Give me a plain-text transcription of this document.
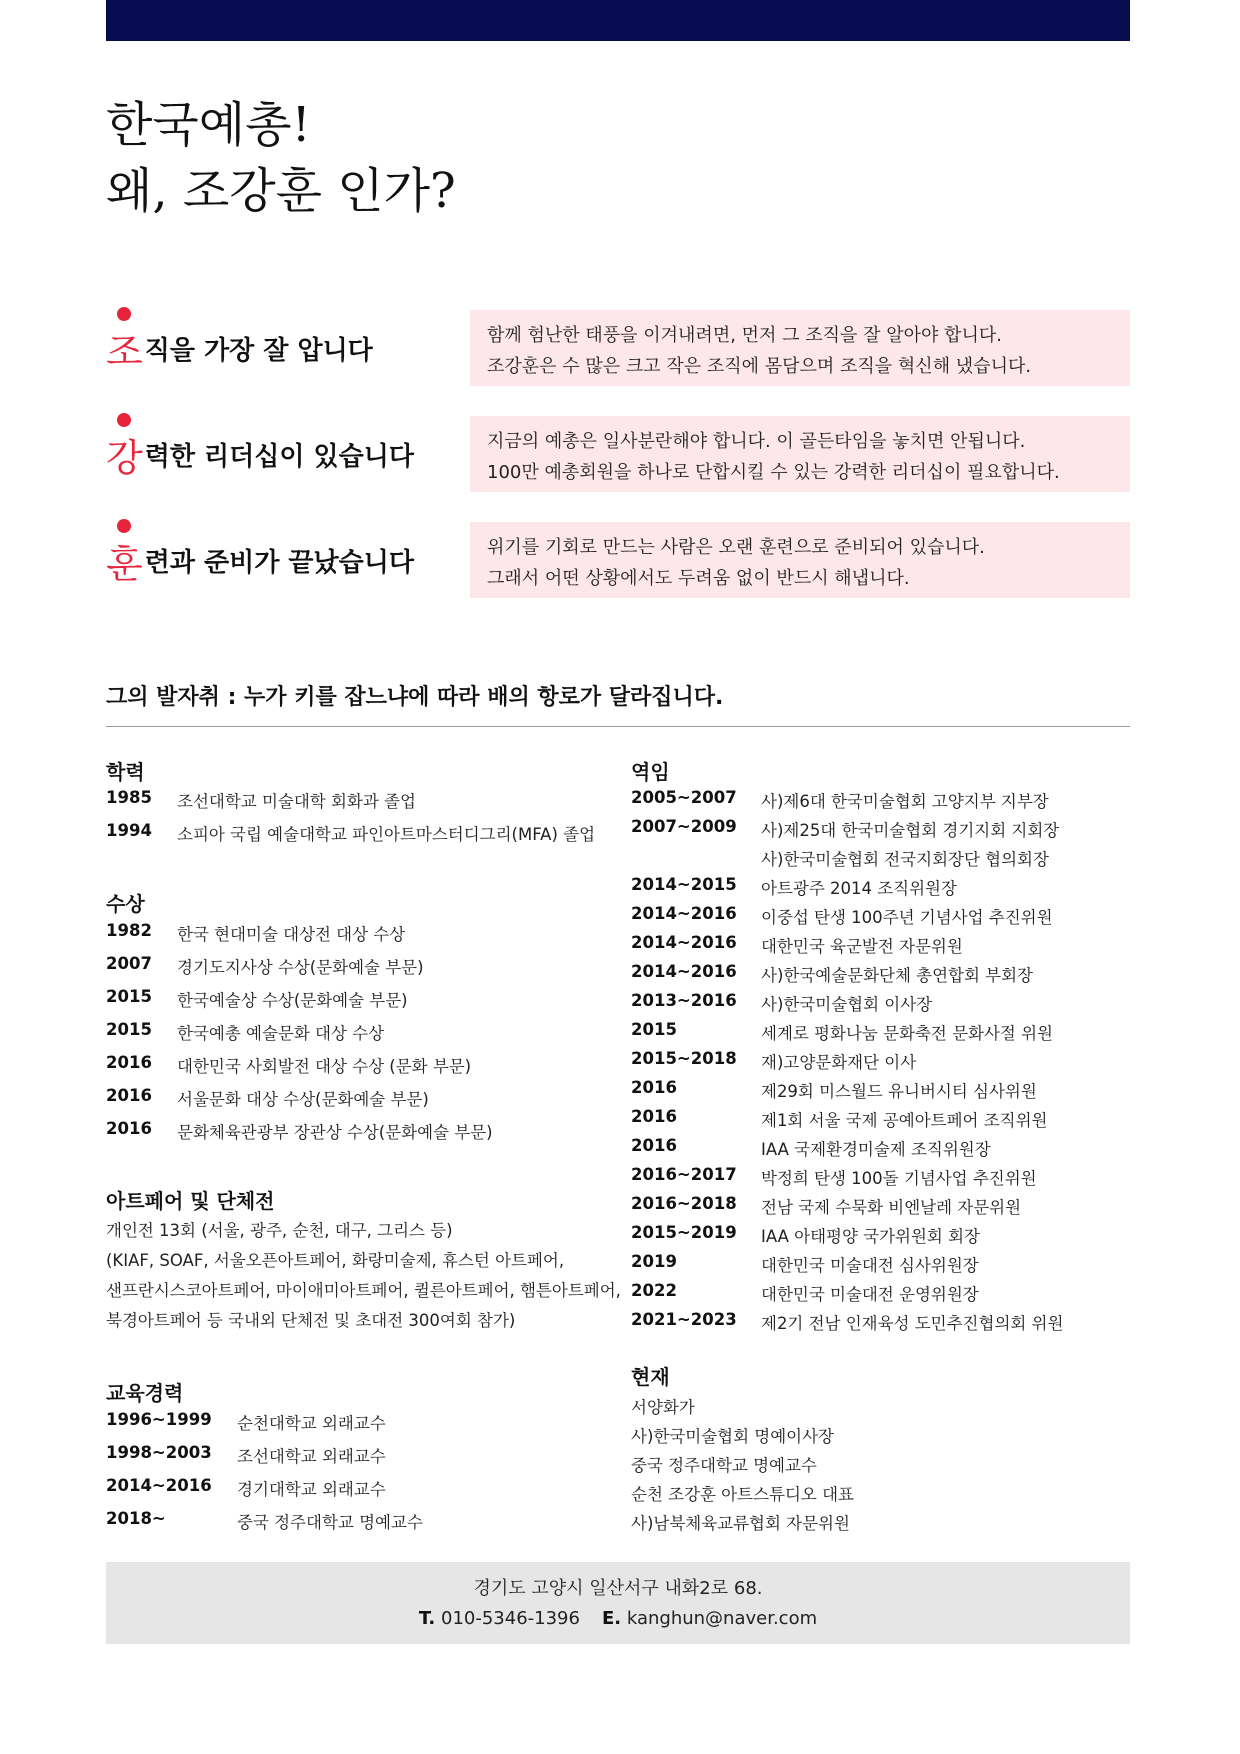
한국예총!
왜, 조강훈 인가?
조 직을 가장 잘 압니다	함께 험난한 태풍을 이겨내려면, 먼저 그 조직을 잘 알아야 합니다.
조강훈은 수 많은 크고 작은 조직에 몸담으며 조직을 혁신해 냈습니다.
강 력한 리더십이 있습니다	지금의 예총은 일사분란해야 합니다. 이 골든타임을 놓치면 안됩니다.
100만 예총회원을 하나로 단합시킬 수 있는 강력한 리더십이 필요합니다.
훈 련과 준비가 끝났습니다	위기를 기회로 만드는 사람은 오랜 훈련으로 준비되어 있습니다.
그래서 어떤 상황에서도 두려움 없이 반드시 해냅니다.
그의 발자취 : 누가 키를 잡느냐에 따라 배의 항로가 달라집니다.
학력
1985 조선대학교 미술대학 회화과 졸업
1994 소피아 국립 예술대학교 파인아트마스터디그리(MFA) 졸업
수상
1982 한국 현대미술 대상전 대상 수상
2007 경기도지사상 수상(문화예술 부문)
2015 한국예술상 수상(문화예술 부문)
2015 한국예총 예술문화 대상 수상
2016 대한민국 사회발전 대상 수상 (문화 부문)
2016 서울문화 대상 수상(문화예술 부문)
2016 문화체육관광부 장관상 수상(문화예술 부문)
아트페어 및 단체전
개인전 13회 (서울, 광주, 순천, 대구, 그리스 등)
(KIAF, SOAF, 서울오픈아트페어, 화랑미술제, 휴스턴 아트페어,
샌프란시스코아트페어, 마이애미아트페어, 퀼른아트페어, 햄튼아트페어,
북경아트페어 등 국내외 단체전 및 초대전 300여회 참가)
교육경력
1996~1999 순천대학교 외래교수
1998~2003 조선대학교 외래교수
2014~2016 경기대학교 외래교수
2018~	중국 정주대학교 명예교수
역임
2005~2007 사)제6대 한국미술협회 고양지부 지부장
2007~2009 사)제25대 한국미술협회 경기지회 지회장
사)한국미술협회 전국지회장단 협의회장
2014~2015 아트광주 2014 조직위원장
2014~2016 이중섭 탄생 100주년 기념사업 추진위원
2014~2016 대한민국 육군발전 자문위원
2014~2016 사)한국예술문화단체 총연합회 부회장
2013~2016 사)한국미술협회 이사장
2015	세계로 평화나눔 문화축전 문화사절 위원
2015~2018 재)고양문화재단 이사
2016	제29회 미스월드 유니버시티 심사위원
2016	제1회 서울 국제 공예아트페어 조직위원
2016	IAA 국제환경미술제 조직위원장
2016~2017 박정희 탄생 100돌 기념사업 추진위원
2016~2018 전남 국제 수묵화 비엔날레 자문위원
2015~2019 IAA 아태평양 국가위원회 회장
2019	대한민국 미술대전 심사위원장
2022	대한민국 미술대전 운영위원장
2021~2023 제2기 전남 인재육성 도민추진협의회 위원
현재
서양화가
사)한국미술협회 명예이사장
중국 정주대학교 명예교수
순천 조강훈 아트스튜디오 대표
사)남북체육교류협회 자문위원
경기도 고양시 일산서구 내화2로 68.
T. 010-5346-1396 E. kanghun@naver.com
